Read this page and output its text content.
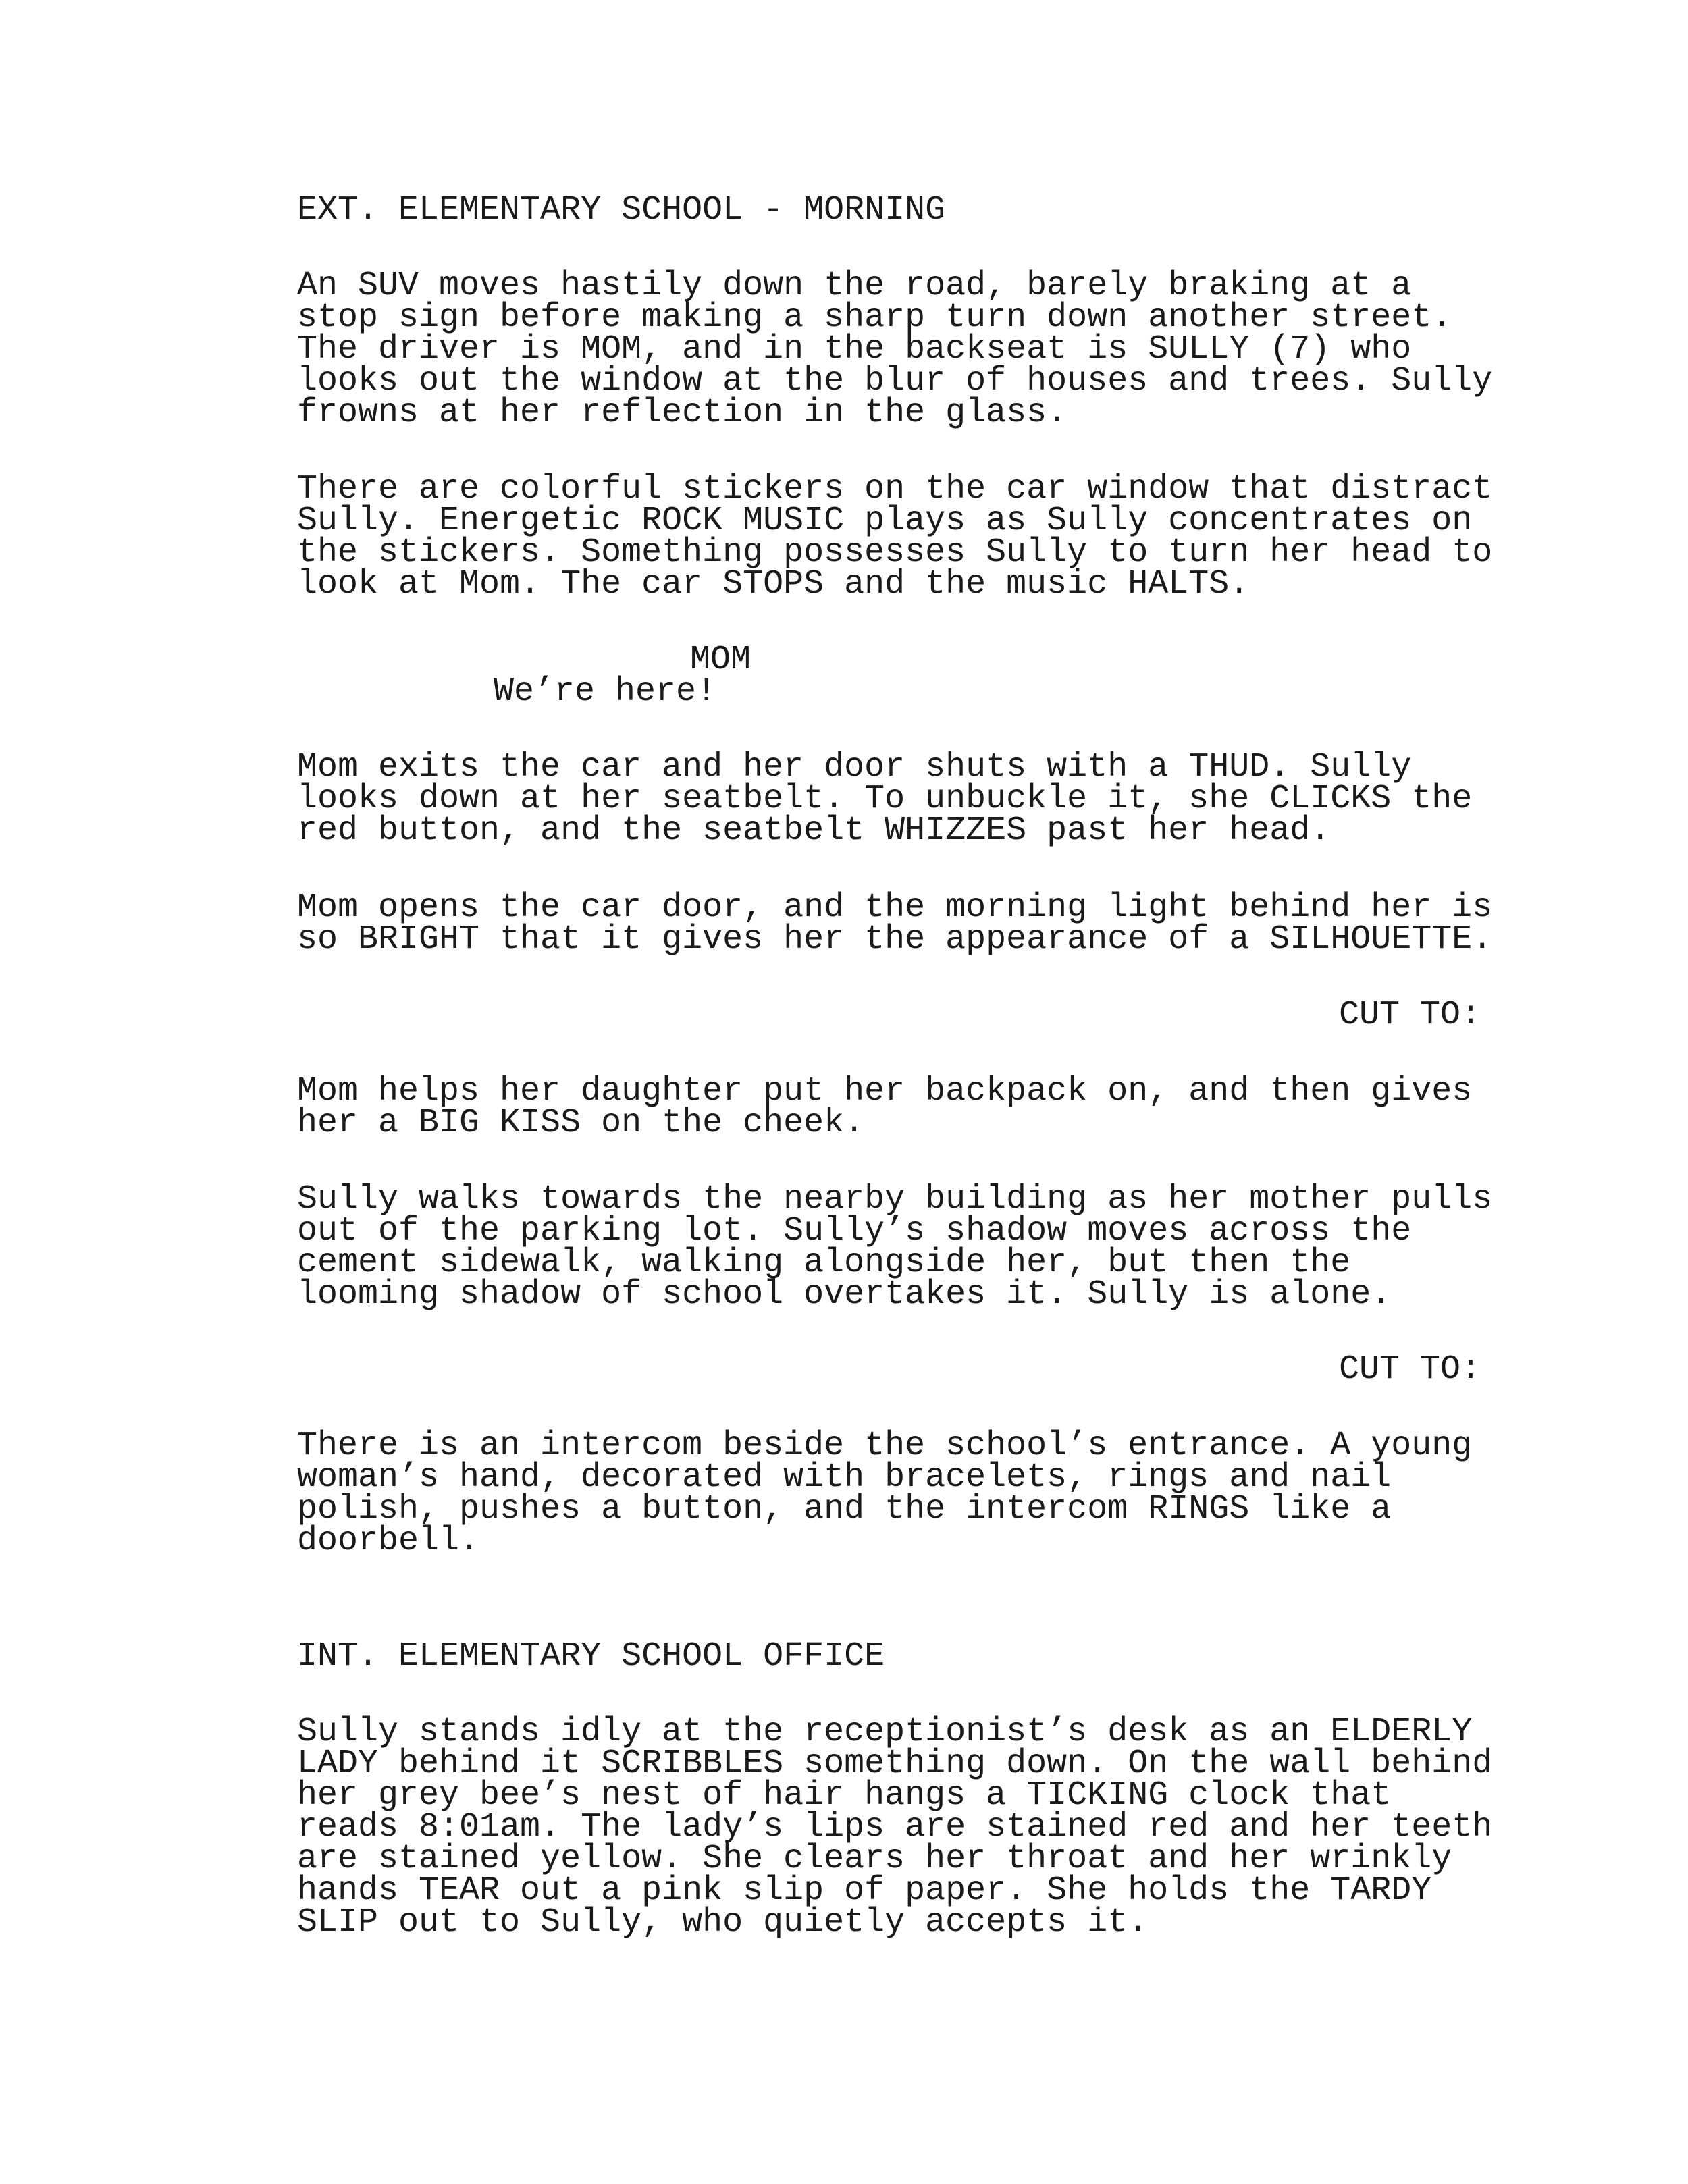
EXT. ELEMENTARY SCHOOL - MORNING
An SUV moves hastily down the road, barely braking at a
stop sign before making a sharp turn down another street.
The driver is MOM, and in the backseat is SULLY (7) who
looks out the window at the blur of houses and trees. Sully
frowns at her reflection in the glass.
There are colorful stickers on the car window that distract
Sully. Energetic ROCK MUSIC plays as Sully concentrates on
the stickers. Something possesses Sully to turn her head to
look at Mom. The car STOPS and the music HALTS.
MOM
We’re here!
Mom exits the car and her door shuts with a THUD. Sully
looks down at her seatbelt. To unbuckle it, she CLICKS the
red button, and the seatbelt WHIZZES past her head.
Mom opens the car door, and the morning light behind her is
so BRIGHT that it gives her the appearance of a SILHOUETTE.
CUT TO:
Mom helps her daughter put her backpack on, and then gives
her a BIG KISS on the cheek.
Sully walks towards the nearby building as her mother pulls
out of the parking lot. Sully’s shadow moves across the
cement sidewalk, walking alongside her, but then the
looming shadow of school overtakes it. Sully is alone.
CUT TO:
There is an intercom beside the school’s entrance. A young
woman’s hand, decorated with bracelets, rings and nail
polish, pushes a button, and the intercom RINGS like a
doorbell.
INT. ELEMENTARY SCHOOL OFFICE
Sully stands idly at the receptionist’s desk as an ELDERLY
LADY behind it SCRIBBLES something down. On the wall behind
her grey bee’s nest of hair hangs a TICKING clock that
reads 8:01am. The lady’s lips are stained red and her teeth
are stained yellow. She clears her throat and her wrinkly
hands TEAR out a pink slip of paper. She holds the TARDY
SLIP out to Sully, who quietly accepts it.
